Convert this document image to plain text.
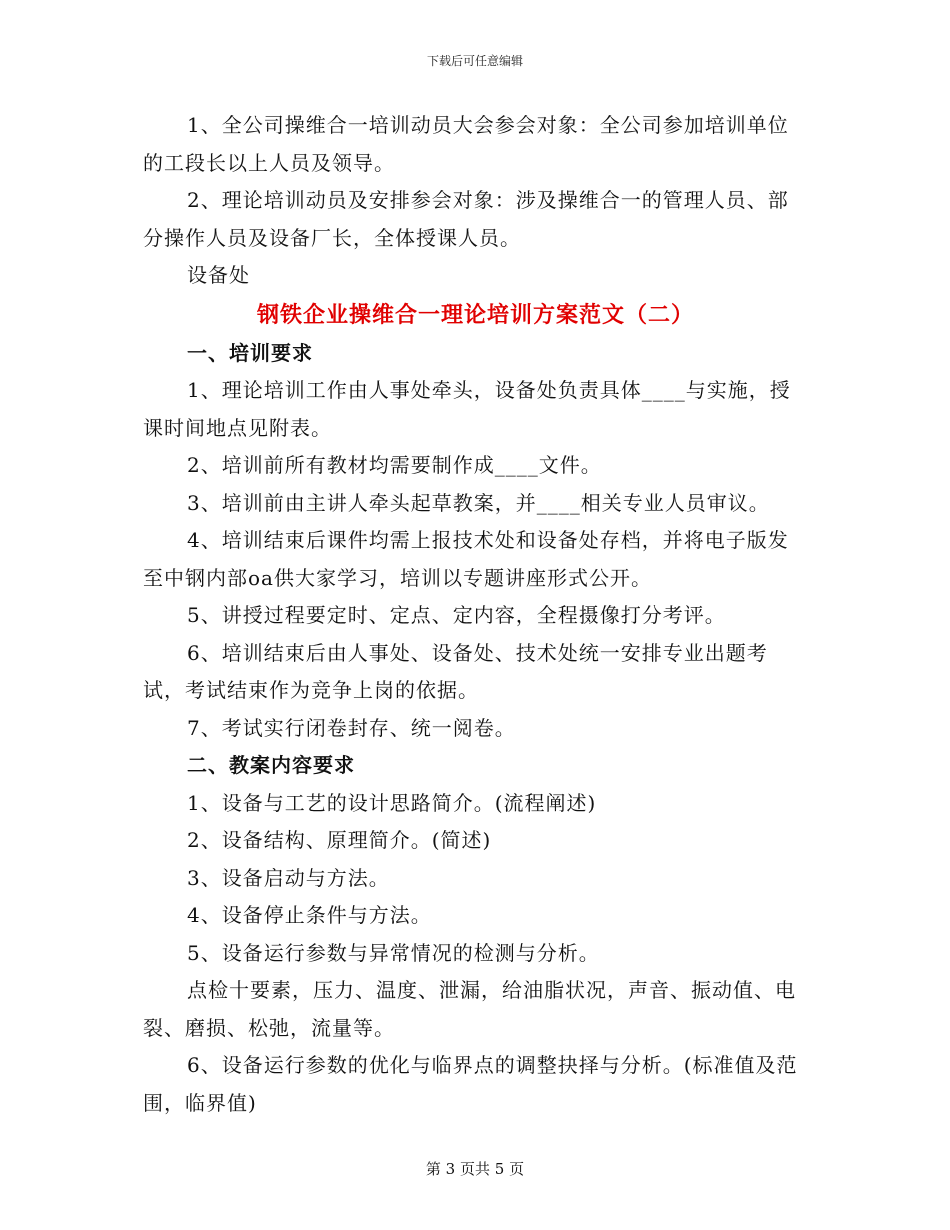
下载后可任意编辑

1、全公司操维合一培训动员大会参会对象：全公司参加培训单位的工段长以上人员及领导。

2、理论培训动员及安排参会对象：涉及操维合一的管理人员、部分操作人员及设备厂长，全体授课人员。

设备处

钢铁企业操维合一理论培训方案范文（二）

一、培训要求

1、理论培训工作由人事处牵头，设备处负责具体____与实施，授课时间地点见附表。

2、培训前所有教材均需要制作成____文件。

3、培训前由主讲人牵头起草教案，并____相关专业人员审议。

4、培训结束后课件均需上报技术处和设备处存档，并将电子版发至中钢内部oa供大家学习，培训以专题讲座形式公开。

5、讲授过程要定时、定点、定内容，全程摄像打分考评。

6、培训结束后由人事处、设备处、技术处统一安排专业出题考试，考试结束作为竞争上岗的依据。

7、考试实行闭卷封存、统一阅卷。

二、教案内容要求

1、设备与工艺的设计思路简介。(流程阐述)

2、设备结构、原理简介。(简述)

3、设备启动与方法。

4、设备停止条件与方法。

5、设备运行参数与异常情况的检测与分析。

点检十要素，压力、温度、泄漏，给油脂状况，声音、振动值、电裂、磨损、松弛，流量等。

6、设备运行参数的优化与临界点的调整抉择与分析。(标准值及范围，临界值)

第 3 页共 5 页
